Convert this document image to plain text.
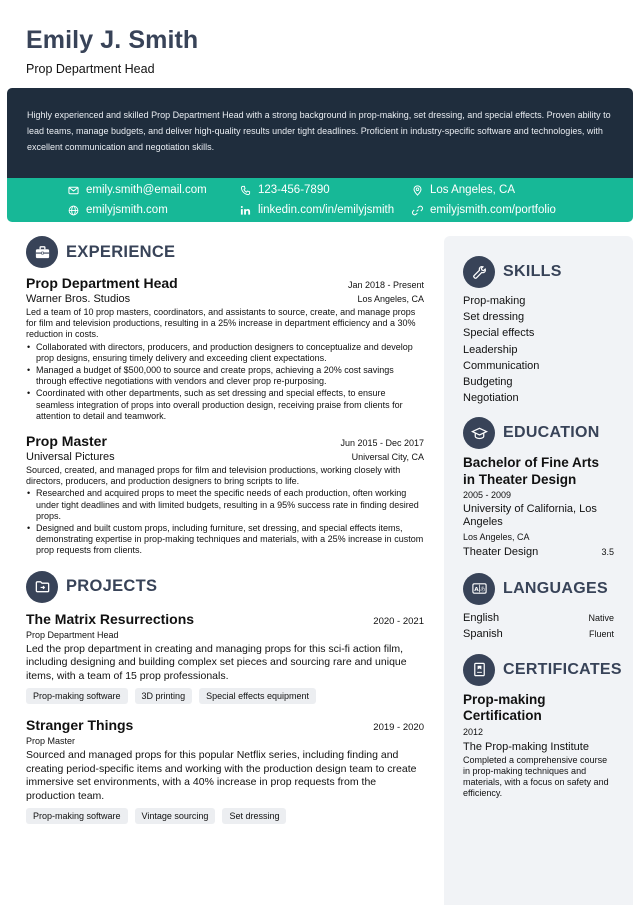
Emily J. Smith
Prop Department Head
Highly experienced and skilled Prop Department Head with a strong background in prop-making, set dressing, and special effects. Proven ability to lead teams, manage budgets, and deliver high-quality results under tight deadlines. Proficient in industry-specific software and technologies, with excellent communication and negotiation skills.
emily.smith@email.com	123-456-7890	Los Angeles, CA
emilyjsmith.com	linkedin.com/in/emilyjsmith	emilyjsmith.com/portfolio
EXPERIENCE
Prop Department Head	Jan 2018 - Present
Warner Bros. Studios	Los Angeles, CA
Led a team of 10 prop masters, coordinators, and assistants to source, create, and manage props for film and television productions, resulting in a 25% increase in department efficiency and a 30% reduction in costs.
• Collaborated with directors, producers, and production designers to conceptualize and develop prop designs, ensuring timely delivery and exceeding client expectations.
• Managed a budget of $500,000 to source and create props, achieving a 20% cost savings through effective negotiations with vendors and clever prop re-purposing.
• Coordinated with other departments, such as set dressing and special effects, to ensure seamless integration of props into overall production design, receiving praise from clients for attention to detail and teamwork.
Prop Master	Jun 2015 - Dec 2017
Universal Pictures	Universal City, CA
Sourced, created, and managed props for film and television productions, working closely with directors, producers, and production designers to bring scripts to life.
• Researched and acquired props to meet the specific needs of each production, often working under tight deadlines and with limited budgets, resulting in a 95% success rate in finding desired props.
• Designed and built custom props, including furniture, set dressing, and special effects items, demonstrating expertise in prop-making techniques and materials, with a 25% increase in custom prop requests from clients.
PROJECTS
The Matrix Resurrections	2020 - 2021
Prop Department Head
Led the prop department in creating and managing props for this sci-fi action film, including designing and building complex set pieces and sourcing rare and unique items, with a team of 15 prop professionals.
Prop-making software	3D printing	Special effects equipment
Stranger Things	2019 - 2020
Prop Master
Sourced and managed props for this popular Netflix series, including finding and creating period-specific items and working with the production design team to create immersive set environments, with a 40% increase in prop requests from the production team.
Prop-making software	Vintage sourcing	Set dressing
SKILLS
Prop-making
Set dressing
Special effects
Leadership
Communication
Budgeting
Negotiation
EDUCATION
Bachelor of Fine Arts in Theater Design
2005 - 2009
University of California, Los Angeles
Los Angeles, CA
Theater Design	3.5
A あ LANGUAGES
English	Native
Spanish	Fluent
CERTIFICATES
Prop-making Certification
2012
The Prop-making Institute
Completed a comprehensive course in prop-making techniques and materials, with a focus on safety and efficiency.
